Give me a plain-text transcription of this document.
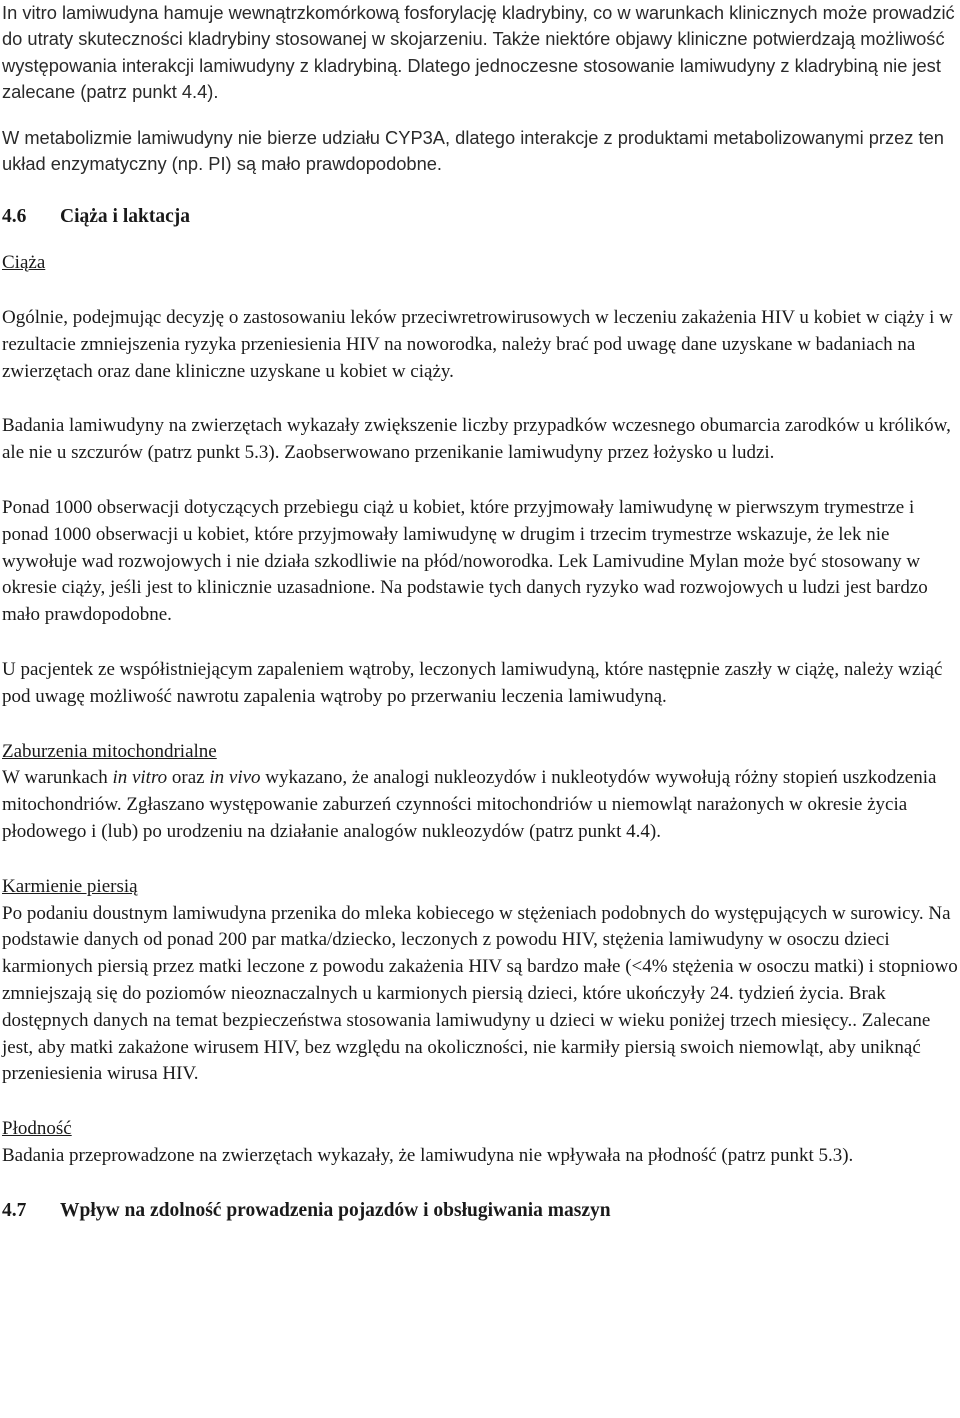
In vitro lamiwudyna hamuje wewnątrzkomórkową fosforylację kladrybiny, co w warunkach klinicznych może prowadzić do utraty skuteczności kladrybiny stosowanej w skojarzeniu. Także niektóre objawy kliniczne potwierdzają możliwość występowania interakcji lamiwudyny z kladrybiną. Dlatego jednoczesne stosowanie lamiwudyny z kladrybiną nie jest zalecane (patrz punkt 4.4).

W metabolizmie lamiwudyny nie bierze udziału CYP3A, dlatego interakcje z produktami metabolizowanymi przez ten układ enzymatyczny (np. PI) są mało prawdopodobne.

4.6	Ciąża i laktacja

Ciąża

Ogólnie, podejmując decyzję o zastosowaniu leków przeciwretrowirusowych w leczeniu zakażenia HIV u kobiet w ciąży i w rezultacie zmniejszenia ryzyka przeniesienia HIV na noworodka, należy brać pod uwagę dane uzyskane w badaniach na zwierzętach oraz dane kliniczne uzyskane u kobiet w ciąży.

Badania lamiwudyny na zwierzętach wykazały zwiększenie liczby przypadków wczesnego obumarcia zarodków u królików, ale nie u szczurów (patrz punkt 5.3). Zaobserwowano przenikanie lamiwudyny przez łożysko u ludzi.

Ponad 1000 obserwacji dotyczących przebiegu ciąż u kobiet, które przyjmowały lamiwudynę w pierwszym trymestrze i ponad 1000 obserwacji u kobiet, które przyjmowały lamiwudynę w drugim i trzecim trymestrze wskazuje, że lek nie wywołuje wad rozwojowych i nie działa szkodliwie na płód/noworodka. Lek Lamivudine Mylan może być stosowany w okresie ciąży, jeśli jest to klinicznie uzasadnione. Na podstawie tych danych ryzyko wad rozwojowych u ludzi jest bardzo mało prawdopodobne.

U pacjentek ze współistniejącym zapaleniem wątroby, leczonych lamiwudyną, które następnie zaszły w ciążę, należy wziąć pod uwagę możliwość nawrotu zapalenia wątroby po przerwaniu leczenia lamiwudyną.

Zaburzenia mitochondrialne

W warunkach in vitro oraz in vivo wykazano, że analogi nukleozydów i nukleotydów wywołują różny stopień uszkodzenia mitochondriów. Zgłaszano występowanie zaburzeń czynności mitochondriów u niemowląt narażonych w okresie życia płodowego i (lub) po urodzeniu na działanie analogów nukleozydów (patrz punkt 4.4).

Karmienie piersią

Po podaniu doustnym lamiwudyna przenika do mleka kobiecego w stężeniach podobnych do występujących w surowicy. Na podstawie danych od ponad 200 par matka/dziecko, leczonych z powodu HIV, stężenia lamiwudyny w osoczu dzieci karmionych piersią przez matki leczone z powodu zakażenia HIV są bardzo małe (<4% stężenia w osoczu matki) i stopniowo zmniejszają się do poziomów nieoznaczalnych u karmionych piersią dzieci, które ukończyły 24. tydzień życia. Brak dostępnych danych na temat bezpieczeństwa stosowania lamiwudyny u dzieci w wieku poniżej trzech miesięcy.. Zalecane jest, aby matki zakażone wirusem HIV, bez względu na okoliczności, nie karmiły piersią swoich niemowląt, aby uniknąć przeniesienia wirusa HIV.

Płodność

Badania przeprowadzone na zwierzętach wykazały, że lamiwudyna nie wpływała na płodność (patrz punkt 5.3).

4.7	Wpływ na zdolność prowadzenia pojazdów i obsługiwania maszyn
